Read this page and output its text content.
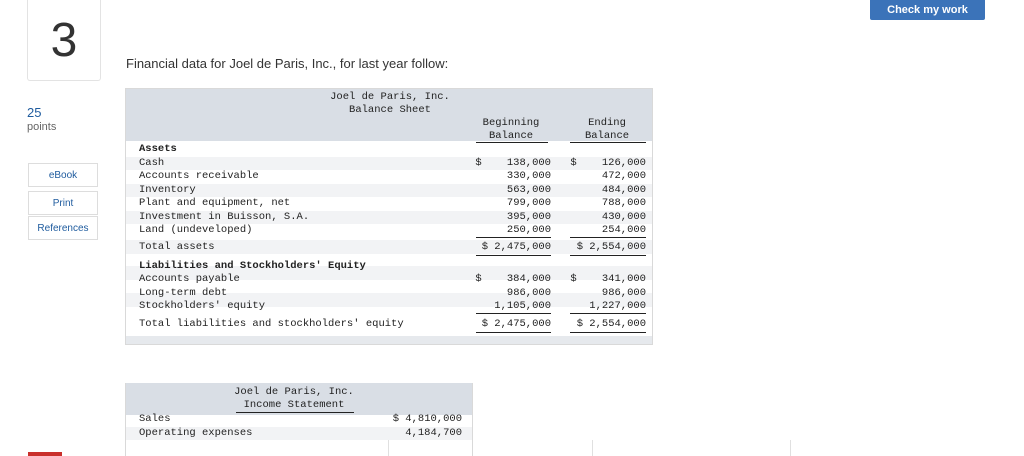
3
25
points
eBook
Print
References
Check my work
Financial data for Joel de Paris, Inc., for last year follow:
Joel de Paris, Inc.
Balance Sheet
Beginning
Balance
Ending
Balance
Assets
Cash	$    138,000	$    126,000
Accounts receivable	330,000	472,000
Inventory	563,000	484,000
Plant and equipment, net	799,000	788,000
Investment in Buisson, S.A.	395,000	430,000
Land (undeveloped)	250,000	254,000
Total assets	$ 2,475,000	$ 2,554,000
Liabilities and Stockholders' Equity
Accounts payable	$    384,000	$    341,000
Long-term debt	986,000	986,000
Stockholders' equity	1,105,000	1,227,000
Total liabilities and stockholders' equity	$ 2,475,000	$ 2,554,000
Joel de Paris, Inc.
Income Statement
Sales	$ 4,810,000
Operating expenses	4,184,700
